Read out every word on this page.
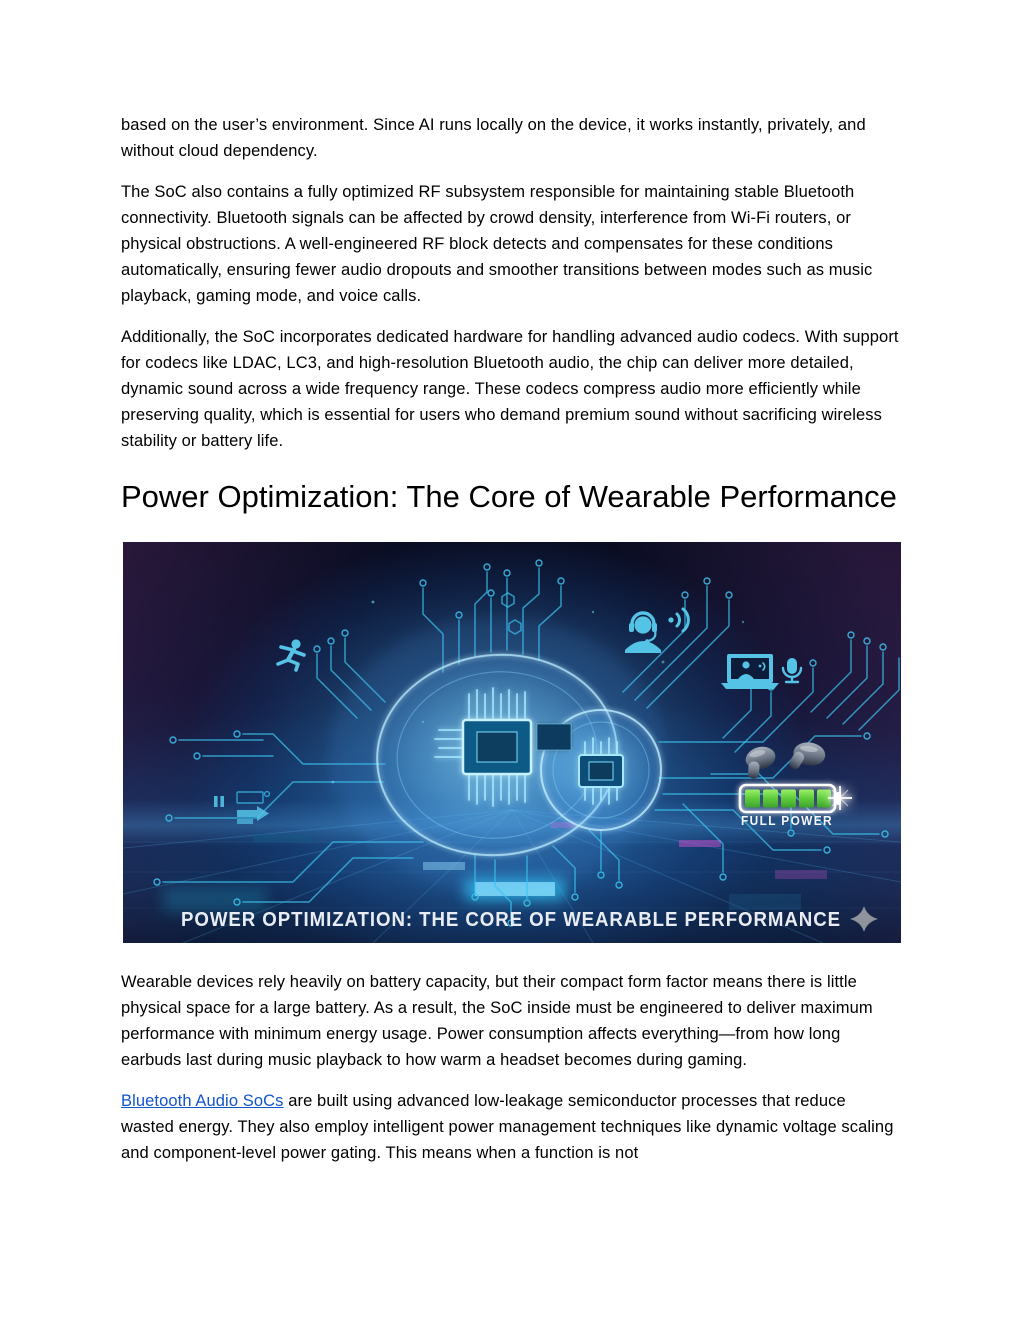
based on the user’s environment. Since AI runs locally on the device, it works instantly, privately, and without cloud dependency.

The SoC also contains a fully optimized RF subsystem responsible for maintaining stable Bluetooth connectivity. Bluetooth signals can be affected by crowd density, interference from Wi-Fi routers, or physical obstructions. A well-engineered RF block detects and compensates for these conditions automatically, ensuring fewer audio dropouts and smoother transitions between modes such as music playback, gaming mode, and voice calls.

Additionally, the SoC incorporates dedicated hardware for handling advanced audio codecs. With support for codecs like LDAC, LC3, and high-resolution Bluetooth audio, the chip can deliver more detailed, dynamic sound across a wide frequency range. These codecs compress audio more efficiently while preserving quality, which is essential for users who demand premium sound without sacrificing wireless stability or battery life.

Power Optimization: The Core of Wearable Performance
FULL POWER
POWER OPTIMIZATION: THE CORE OF WEARABLE PERFORMANCE

Wearable devices rely heavily on battery capacity, but their compact form factor means there is little physical space for a large battery. As a result, the SoC inside must be engineered to deliver maximum performance with minimum energy usage. Power consumption affects everything—from how long earbuds last during music playback to how warm a headset becomes during gaming.

Bluetooth Audio SoCs are built using advanced low-leakage semiconductor processes that reduce wasted energy. They also employ intelligent power management techniques like dynamic voltage scaling and component-level power gating. This means when a function is not
